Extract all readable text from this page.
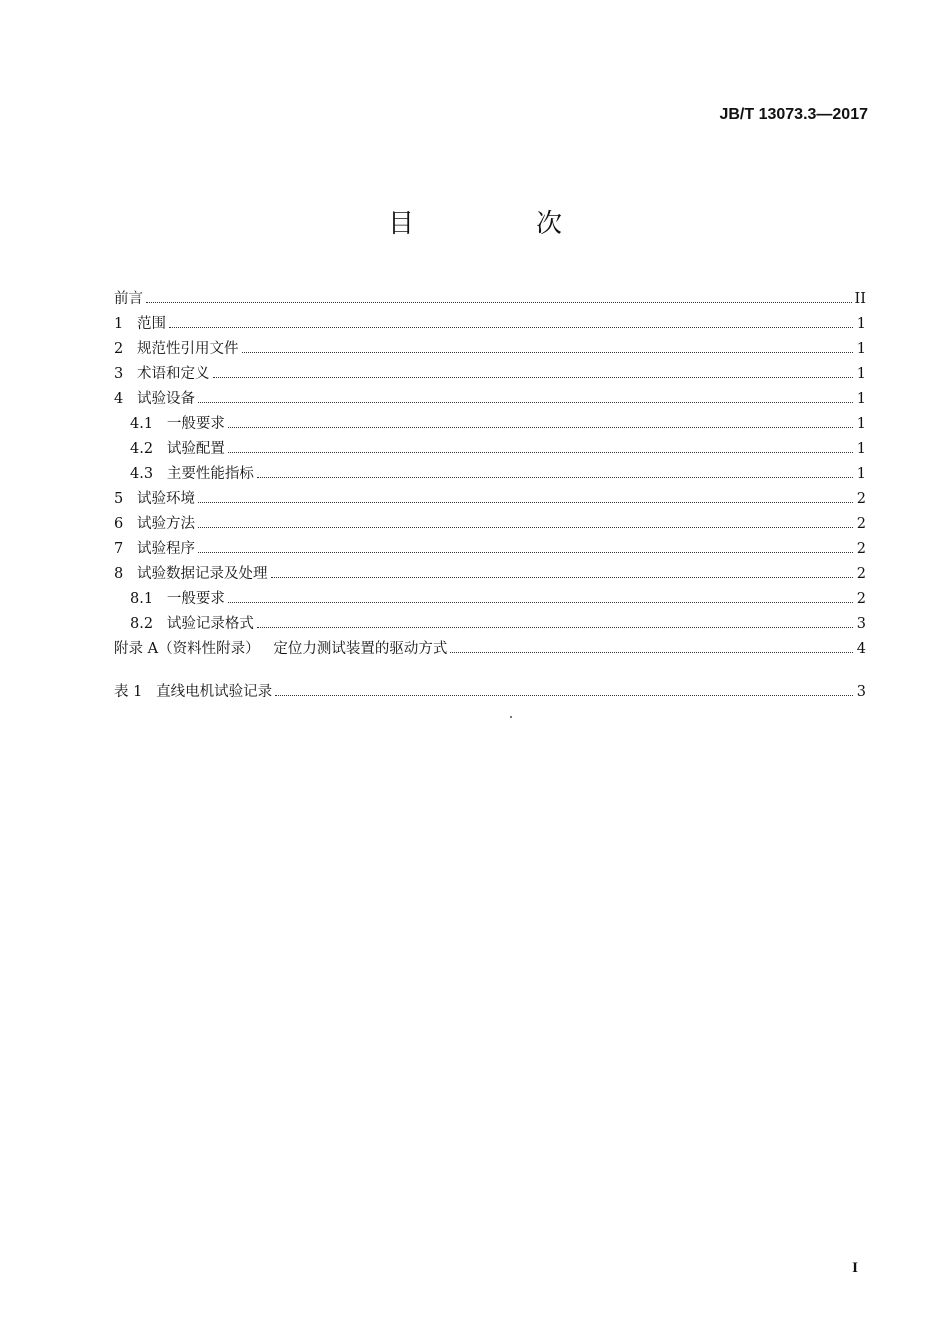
JB/T 13073.3—2017
目　次
前言	II
1   范围	1
2   规范性引用文件	1
3   术语和定义	1
4   试验设备	1
4.1   一般要求	1
4.2   试验配置	1
4.3   主要性能指标	1
5   试验环境	2
6   试验方法	2
7   试验程序	2
8   试验数据记录及处理	2
8.1   一般要求	2
8.2   试验记录格式	3
附录 A（资料性附录）   定位力测试装置的驱动方式	4
表 1   直线电机试验记录	3
I
